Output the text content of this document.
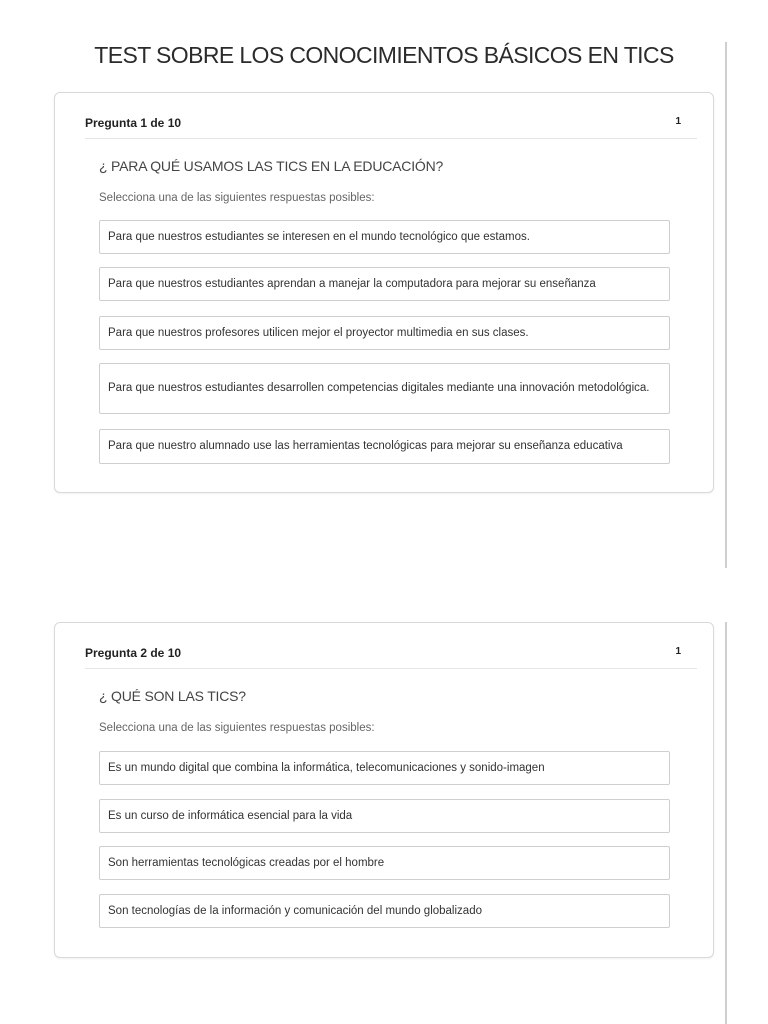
TEST SOBRE LOS CONOCIMIENTOS BÁSICOS EN TICS
Pregunta 1 de 10	1
¿ PARA QUÉ USAMOS LAS TICS EN LA EDUCACIÓN?
Selecciona una de las siguientes respuestas posibles:
Para que nuestros estudiantes se interesen en el mundo tecnológico que estamos.
Para que nuestros estudiantes aprendan a manejar la computadora para mejorar su enseñanza
Para que nuestros profesores utilicen mejor el proyector multimedia en sus clases.
Para que nuestros estudiantes desarrollen competencias digitales mediante una innovación metodológica.
Para que nuestro alumnado use las herramientas tecnológicas para mejorar su enseñanza educativa
Pregunta 2 de 10	1
¿ QUÉ SON LAS TICS?
Selecciona una de las siguientes respuestas posibles:
Es un mundo digital que combina la informática, telecomunicaciones y sonido-imagen
Es un curso de informática esencial para la vida
Son herramientas tecnológicas creadas por el hombre
Son tecnologías de la información y comunicación del mundo globalizado
